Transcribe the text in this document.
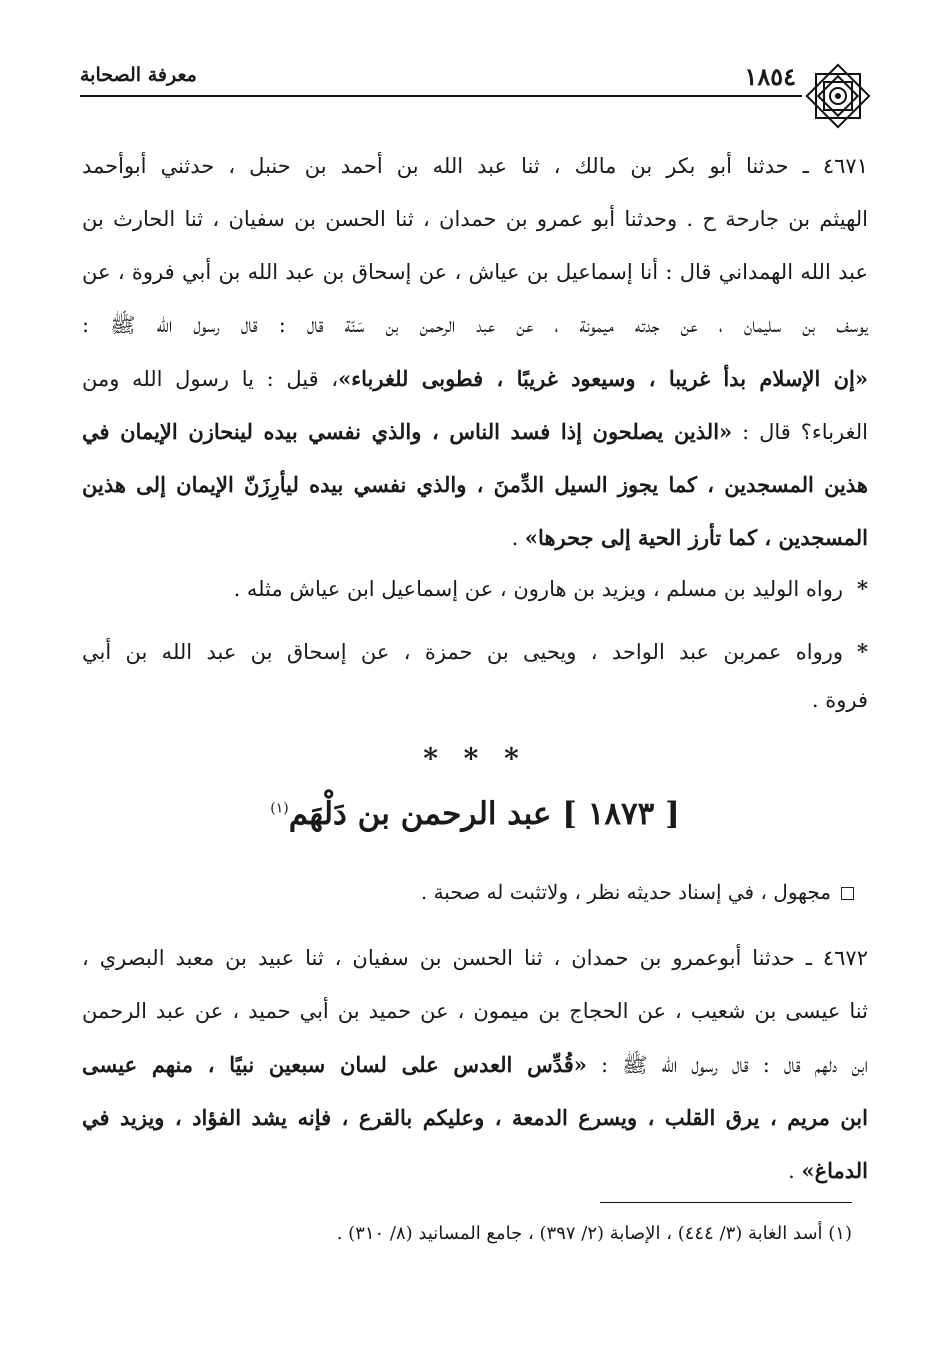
١٨٥٤
معرفة الصحابة
٤٦٧١ ـ حدثنا أبو بكر بن مالك ، ثنا عبد الله بن أحمد بن حنبل ، حدثني أبوأحمد
الهيثم بن جارحة ح . وحدثنا أبو عمرو بن حمدان ، ثنا الحسن بن سفيان ، ثنا الحارث بن
عبد الله الهمداني قال : أنا إسماعيل بن عياش ، عن إسحاق بن عبد الله بن أبي فروة ، عن
يوسف بن سليمان ، عن جدته ميمونة ، عن عبد الرحمن بن سَنّة قال : قال رسول الله ﷺ :
«إن الإسلام بدأ غريبا ، وسيعود غريبًا ، فطوبى للغرباء»، قيل : يا رسول الله ومن
الغرباء؟ قال : «الذين يصلحون إذا فسد الناس ، والذي نفسي بيده لينحازن الإيمان في
هذين المسجدين ، كما يجوز السيل الدِّمنَ ، والذي نفسي بيده ليأرِزَنّ الإيمان إلى هذين
المسجدين ، كما تأرز الحية إلى جحرها» .
*رواه الوليد بن مسلم ، ويزيد بن هارون ، عن إسماعيل ابن عياش مثله .
*ورواه عمربن عبد الواحد ، ويحيى بن حمزة ، عن إسحاق بن عبد الله بن أبي
فروة .
* * *
[ ١٨٧٣ ] عبد الرحمن بن دَلْهَم$^{(١)}$
مجهول ، في إسناد حديثه نظر ، ولاتثبت له صحبة .
٤٦٧٢ ـ حدثنا أبوعمرو بن حمدان ، ثنا الحسن بن سفيان ، ثنا عبيد بن معبد البصري ،
ثنا عيسى بن شعيب ، عن الحجاج بن ميمون ، عن حميد بن أبي حميد ، عن عبد الرحمن
ابن دلهم قال : قال رسول الله ﷺ : «قُدِّس العدس على لسان سبعين نبيًا ، منهم عيسى
ابن مريم ، يرق القلب ، ويسرع الدمعة ، وعليكم بالقرع ، فإنه يشد الفؤاد ، ويزيد في
الدماغ» .
(١) أسد الغابة (٣/ ٤٤٤) ، الإصابة (٢/ ٣٩٧) ، جامع المسانيد (٨/ ٣١٠) .
